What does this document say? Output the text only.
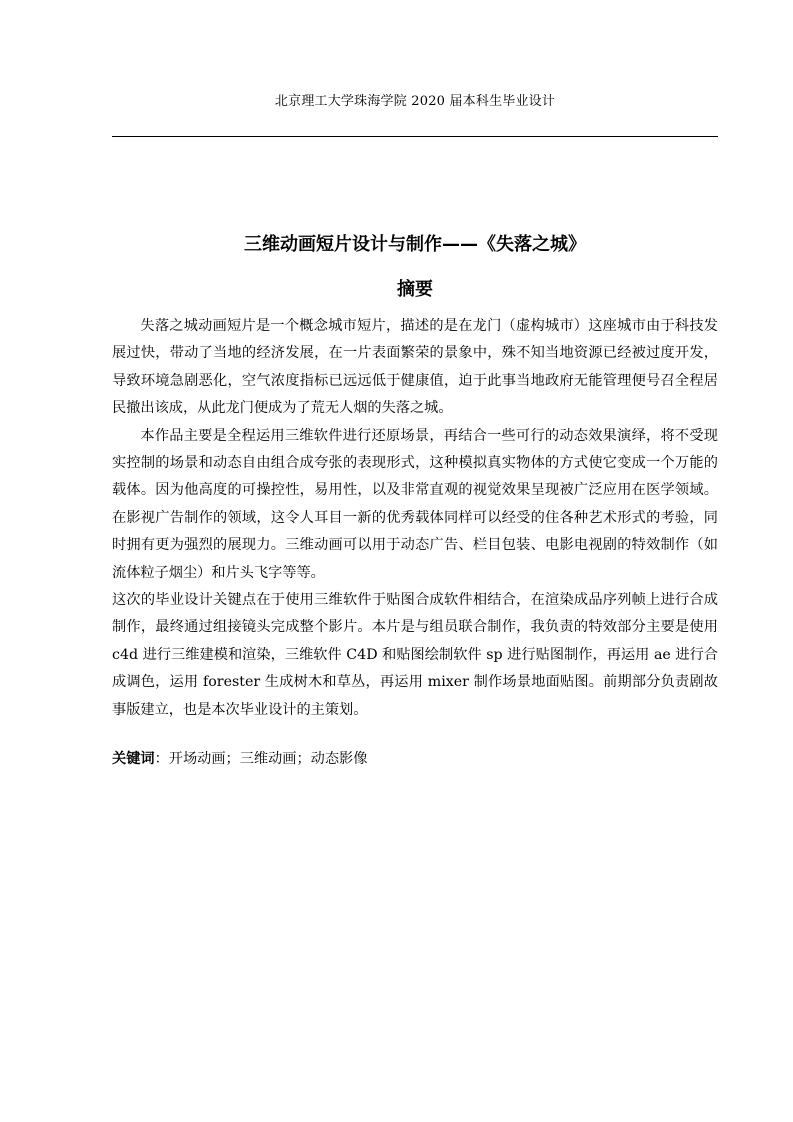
北京理工大学珠海学院 2020 届本科生毕业设计
三维动画短片设计与制作——《失落之城》
摘要

失落之城动画短片是一个概念城市短片，描述的是在龙门（虚构城市）这座城市由于科技发展过快，带动了当地的经济发展，在一片表面繁荣的景象中，殊不知当地资源已经被过度开发，导致环境急剧恶化，空气浓度指标已远远低于健康值，迫于此事当地政府无能管理便号召全程居民撤出该成，从此龙门便成为了荒无人烟的失落之城。

本作品主要是全程运用三维软件进行还原场景，再结合一些可行的动态效果演绎，将不受现实控制的场景和动态自由组合成夸张的表现形式，这种模拟真实物体的方式使它变成一个万能的载体。因为他高度的可操控性，易用性，以及非常直观的视觉效果呈现被广泛应用在医学领域。在影视广告制作的领域，这令人耳目一新的优秀载体同样可以经受的住各种艺术形式的考验，同时拥有更为强烈的展现力。三维动画可以用于动态广告、栏目包装、电影电视剧的特效制作（如流体粒子烟尘）和片头飞字等等。

这次的毕业设计关键点在于使用三维软件于贴图合成软件相结合，在渲染成品序列帧上进行合成制作，最终通过组接镜头完成整个影片。本片是与组员联合制作，我负责的特效部分主要是使用 c4d 进行三维建模和渲染，三维软件 C4D 和贴图绘制软件 sp 进行贴图制作，再运用 ae 进行合成调色，运用 forester 生成树木和草丛，再运用 mixer 制作场景地面贴图。前期部分负责剧故事版建立，也是本次毕业设计的主策划。

关键词：开场动画；三维动画；动态影像
